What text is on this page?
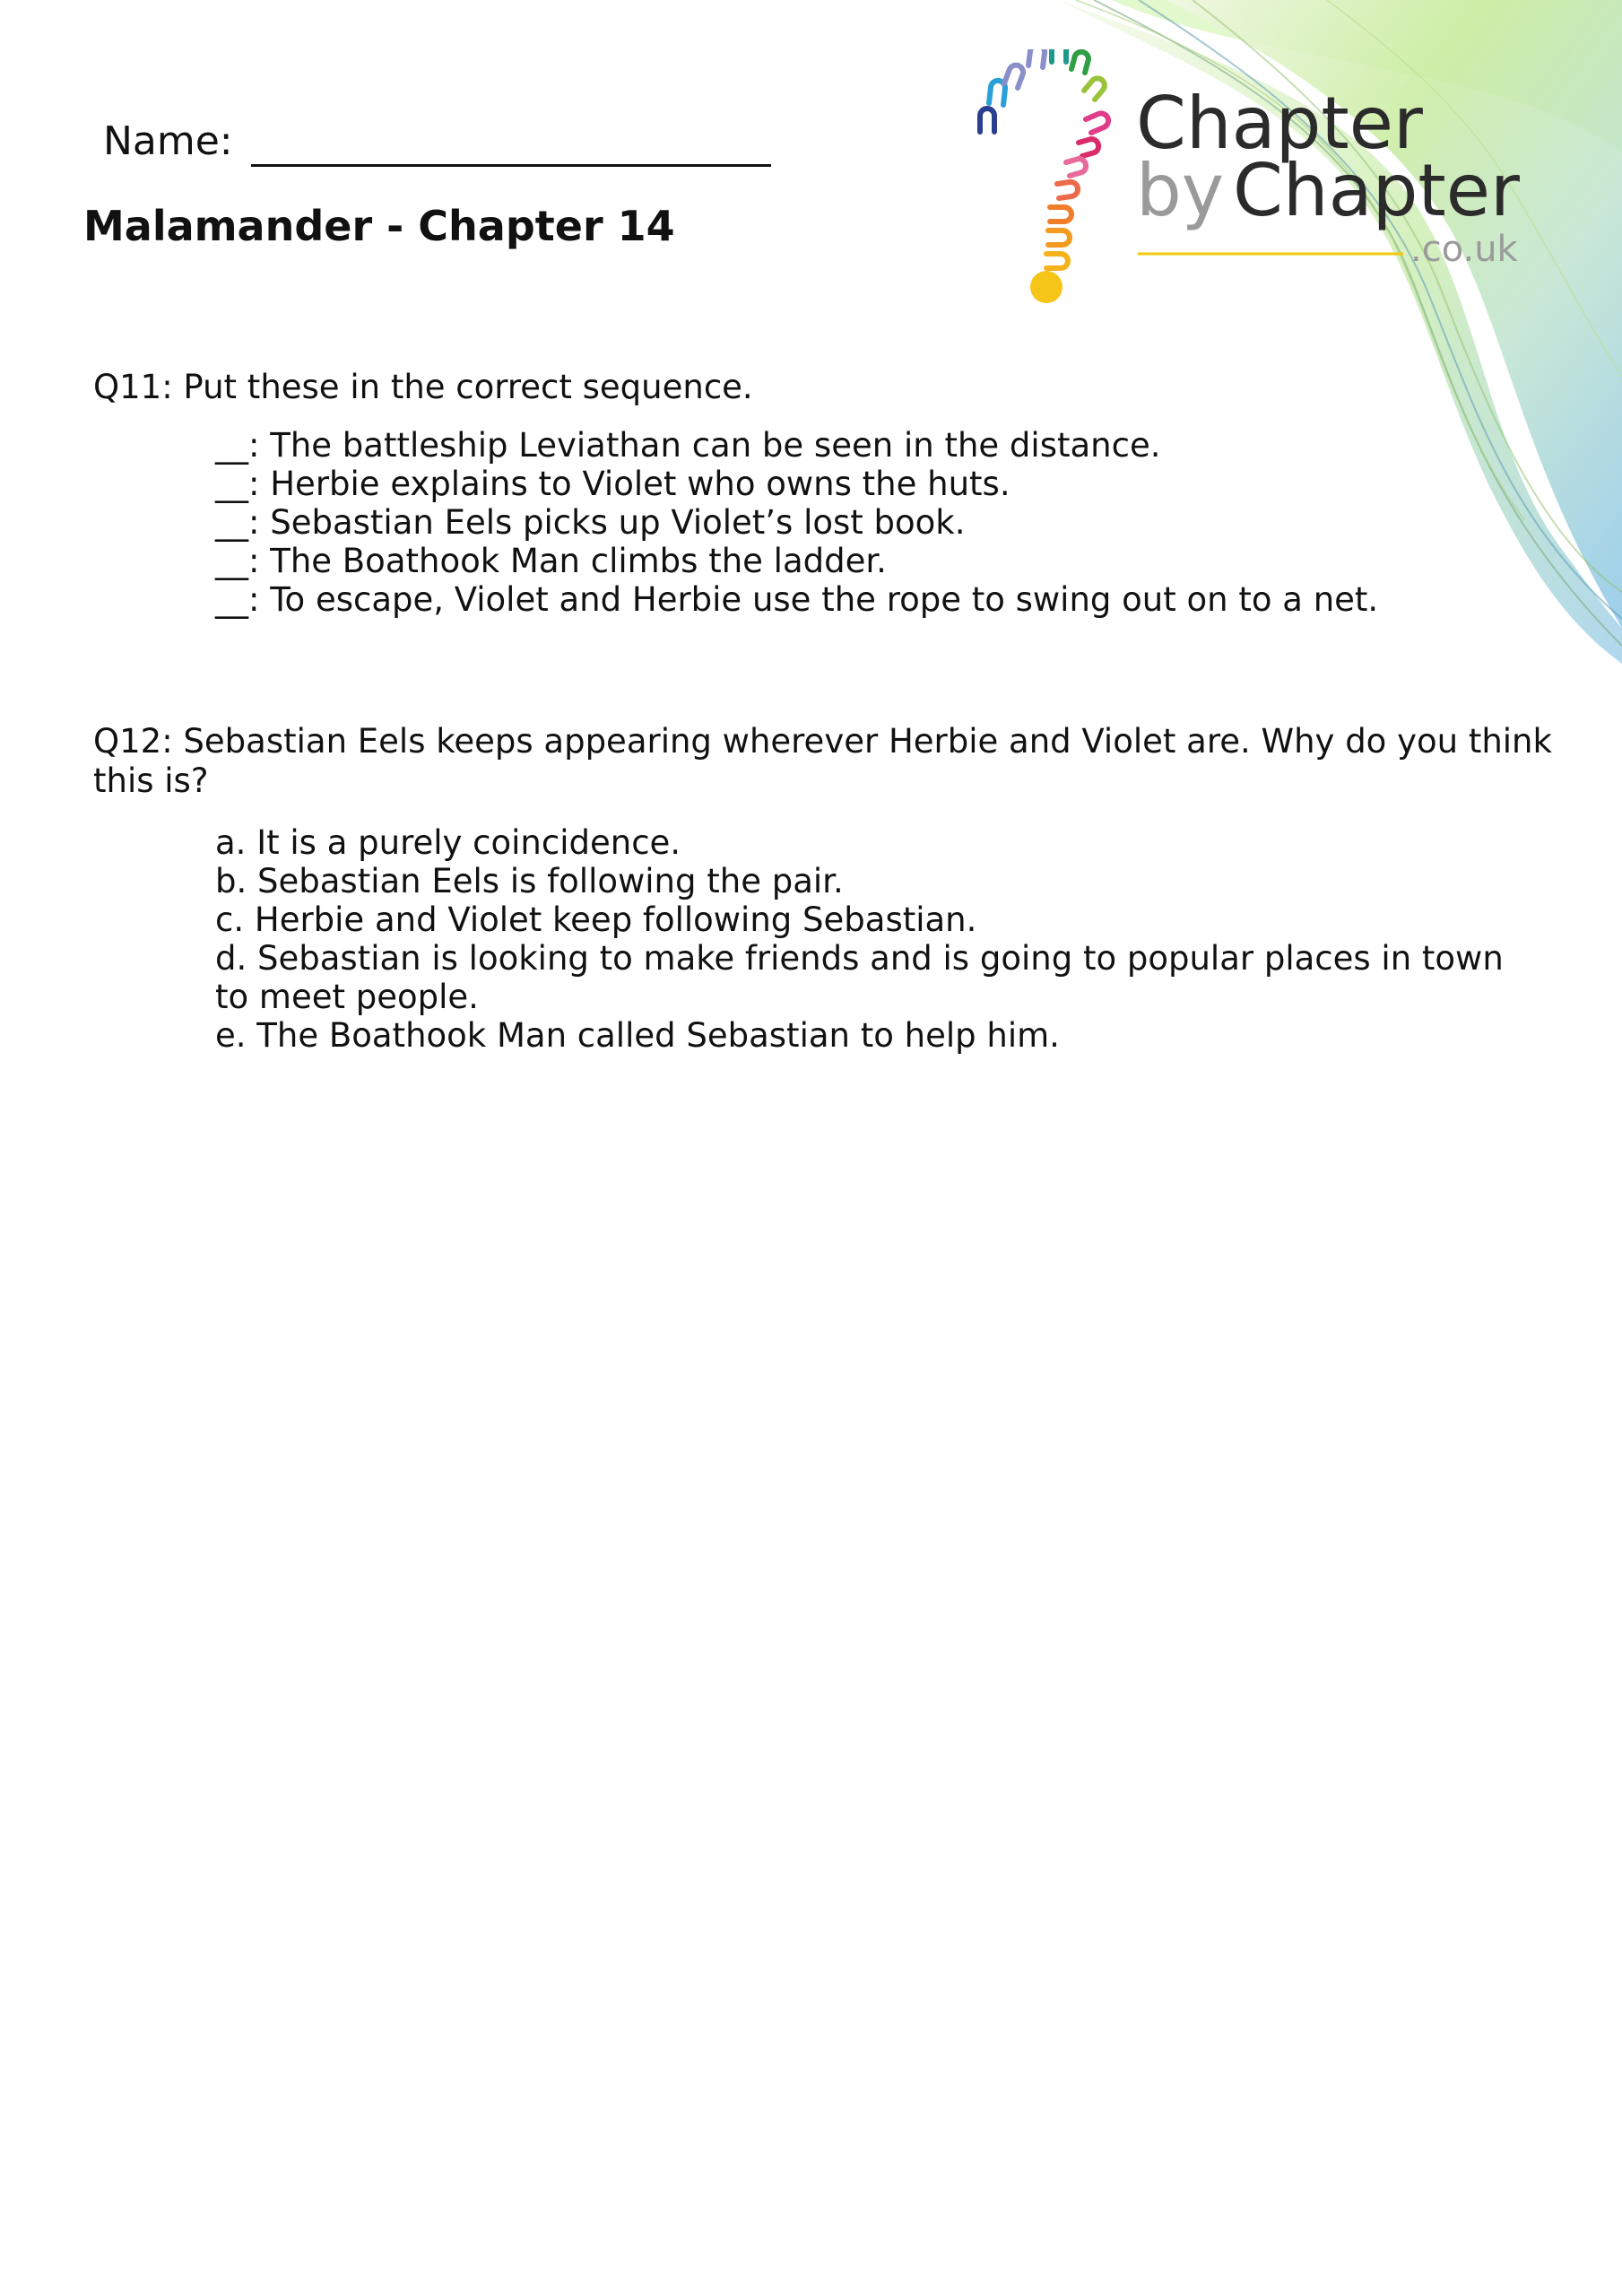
Chapter
by Chapter
.co.uk
Name:
Malamander - Chapter 14
Q11: Put these in the correct sequence.
__: The battleship Leviathan can be seen in the distance.
__: Herbie explains to Violet who owns the huts.
__: Sebastian Eels picks up Violet’s lost book.
__: The Boathook Man climbs the ladder.
__: To escape, Violet and Herbie use the rope to swing out on to a net.
Q12: Sebastian Eels keeps appearing wherever Herbie and Violet are. Why do you think this is?
a. It is a purely coincidence.
b. Sebastian Eels is following the pair.
c. Herbie and Violet keep following Sebastian.
d. Sebastian is looking to make friends and is going to popular places in town to meet people.
e. The Boathook Man called Sebastian to help him.
